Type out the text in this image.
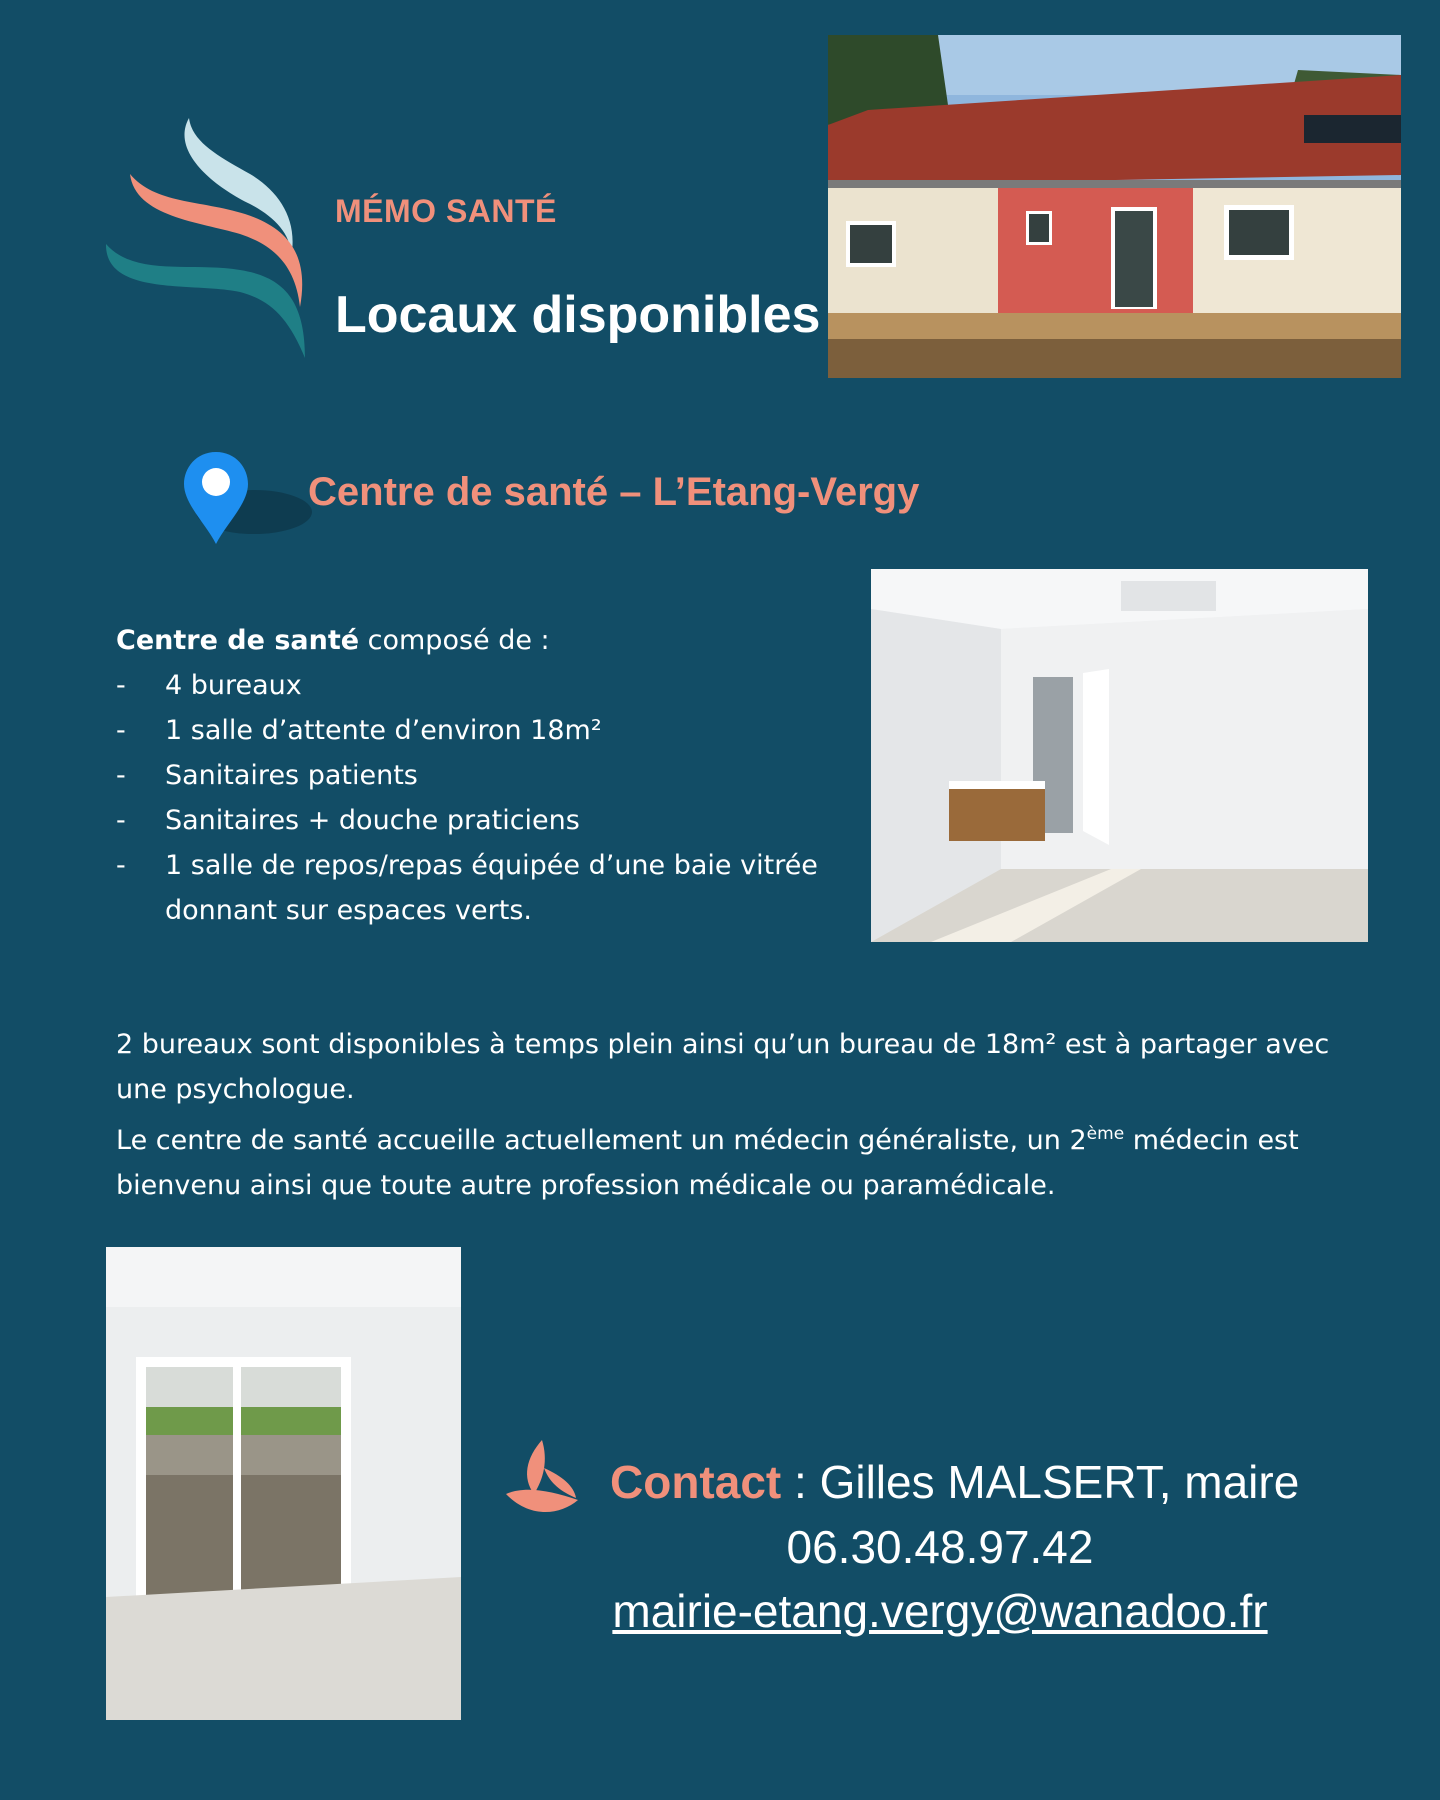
MÉMO SANTÉ
Locaux disponibles
Centre de santé – L’Etang-Vergy
Centre de santé composé de :
- 4 bureaux
- 1 salle d’attente d’environ 18m²
- Sanitaires patients
- Sanitaires + douche praticiens
- 1 salle de repos/repas équipée d’une baie vitrée donnant sur espaces verts.

2 bureaux sont disponibles à temps plein ainsi qu’un bureau de 18m² est à partager avec une psychologue.

Le centre de santé accueille actuellement un médecin généraliste, un 2ème médecin est bienvenu ainsi que toute autre profession médicale ou paramédicale.

Contact : Gilles MALSERT, maire
06.30.48.97.42
mairie-etang.vergy@wanadoo.fr
